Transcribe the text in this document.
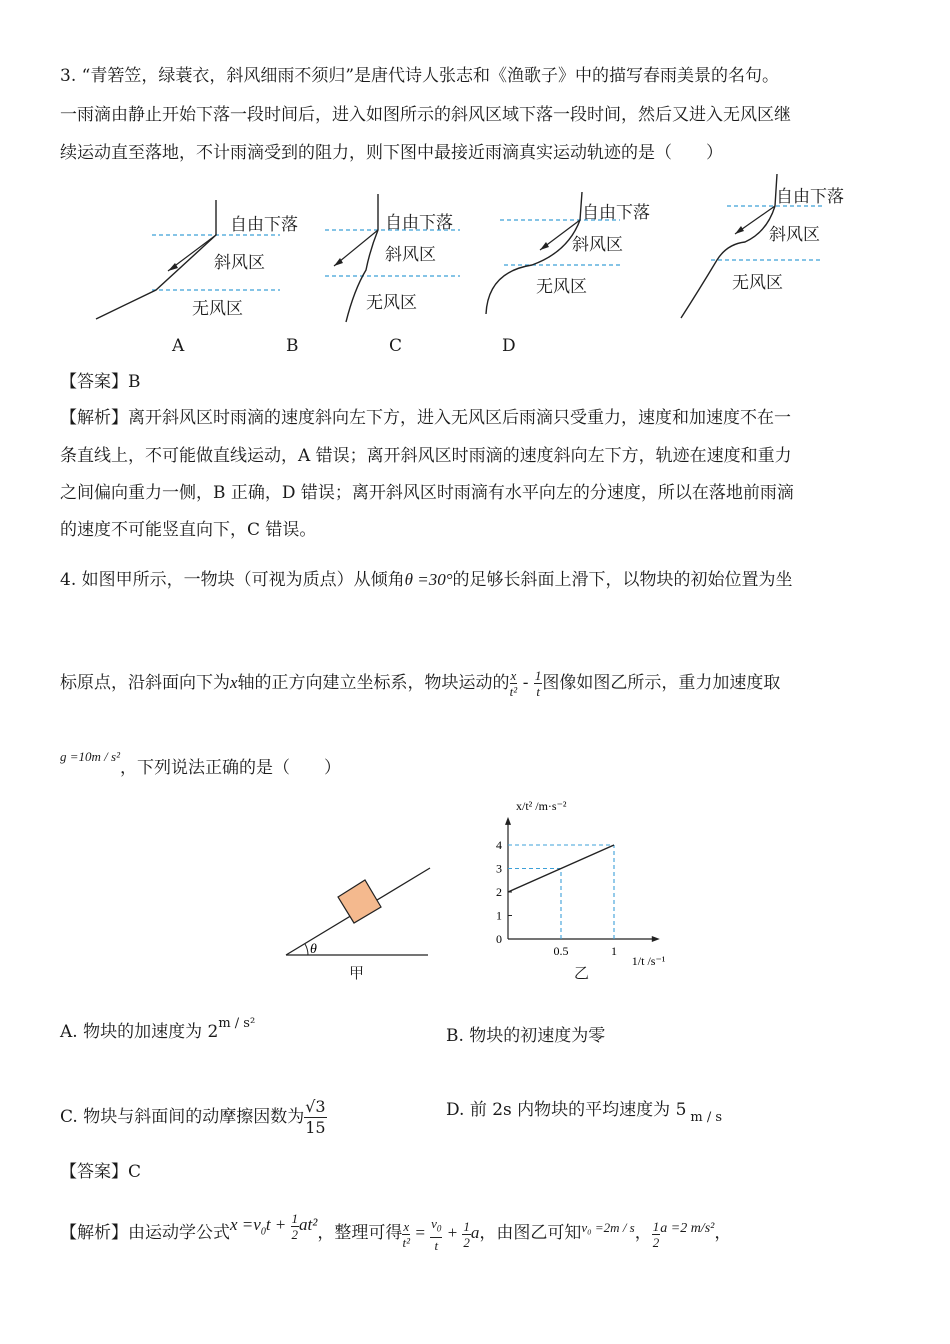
3. “青箬笠，绿蓑衣，斜风细雨不须归”是唐代诗人张志和《渔歌子》中的描写春雨美景的名句。
一雨滴由静止开始下落一段时间后，进入如图所示的斜风区域下落一段时间，然后又进入无风区继
续运动直至落地，不计雨滴受到的阻力，则下图中最接近雨滴真实运动轨迹的是（　　）
自由下落
斜风区
无风区
自由下落
斜风区
无风区
自由下落
斜风区
无风区
自由下落
斜风区
无风区
A	B	C	D
【答案】B
【解析】离开斜风区时雨滴的速度斜向左下方，进入无风区后雨滴只受重力，速度和加速度不在一
条直线上，不可能做直线运动，A 错误；离开斜风区时雨滴的速度斜向左下方，轨迹在速度和重力
之间偏向重力一侧，B 正确，D 错误；离开斜风区时雨滴有水平向左的分速度，所以在落地前雨滴
的速度不可能竖直向下，C 错误。
4. 如图甲所示，一物块（可视为质点）从倾角θ =30°的足够长斜面上滑下，以物块的初始位置为坐
标原点，沿斜面向下为x轴的正方向建立坐标系，物块运动的 $\frac{x}{\text{t²}} - \frac{1}{t}$ 图像如图乙所示，重力加速度取
$^{g =10m / s^2}$，下列说法正确的是（　　）
θ
甲
0
1
2
3
4
0.5	1
x/t² /m·s⁻²
1/t /s⁻¹
乙
A. 物块的加速度为 $2^{m / s^2}$
B. 物块的初速度为零
C. 物块与斜面间的动摩擦因数为 $\frac{√3}{15}$	D. 前 2s 内物块的平均速度为 5 $_{m / s}$
【答案】C
【解析】由运动学公式$x =v_0t + \frac{1}{2} at^2$，整理可得 $\frac{x}{\text{t²}} = \frac{v_0}{t} + \frac{1}{2}$ a，由图乙可知$^{v_0 =2m / s}$， $\frac{1}{2} ^{a =2 m/s^2}$，
